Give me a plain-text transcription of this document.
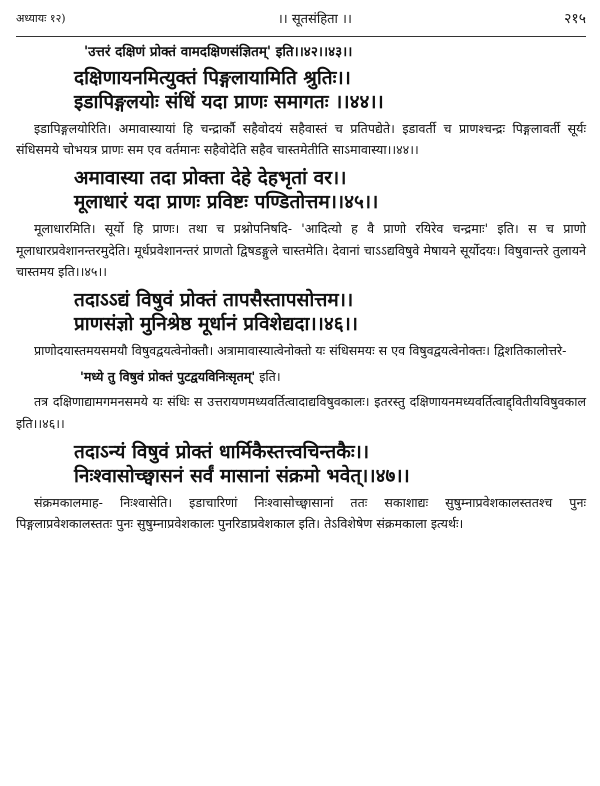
अध्यायः १२)	।। सूतसंहिता ।।	२१५

'उत्तरं दक्षिणं प्रोक्तं वामदक्षिणसंज्ञितम्' इति।।४२।।४३।।

दक्षिणायनमित्युक्तं पिङ्गलायामिति श्रुतिः।।

इडापिङ्गलयोः संधिं यदा प्राणः समागतः ।।४४।।

इडापिङ्गलयोरिति। अमावास्यायां हि चन्द्रार्कौ सहैवोदयं सहैवास्तं च प्रतिपद्येते। इडावर्ती च प्राणश्चन्द्रः पिङ्गलावर्ती सूर्यः संधिसमये चोभयत्र प्राणः सम एव वर्तमानः सहैवोदेति सहैव चास्तमेतीति साऽमावास्या।।४४।।

अमावास्या तदा प्रोक्ता देहे देहभृतां वर।।

मूलाधारं यदा प्राणः प्रविष्टः पण्डितोत्तम।।४५।।

मूलाधारमिति। सूर्यो हि प्राणः। तथा च प्रश्नोपनिषदि- 'आदित्यो ह वै प्राणो रयिरेव चन्द्रमाः' इति। स च प्राणो मूलाधारप्रवेशानन्तरमुदेति। मूर्धप्रवेशानन्तरं प्राणतो द्विषडङ्गुले चास्तमेति। देवानां चाऽऽद्यविषुवे मेषायने सूर्योदयः। विषुवान्तरे तुलायने चास्तमय इति।।४५।।

तदाऽऽद्यं विषुवं प्रोक्तं तापसैस्तापसोत्तम।।

प्राणसंज्ञो मुनिश्रेष्ठ मूर्धानं प्रविशेद्यदा।।४६।।

प्राणोदयास्तमयसमयौ विषुवद्वयत्वेनोक्तौ। अत्रामावास्यात्वेनोक्तो यः संधिसमयः स एव विषुवद्वयत्वेनोक्तः। द्विशतिकालोत्तरे-

'मध्ये तु विषुवं प्रोक्तं पुटद्वयविनिःसृतम्' इति।

तत्र दक्षिणाद्यामगमनसमये यः संधिः स उत्तरायणमध्यवर्तित्वादाद्यविषुवकालः। इतरस्तु दक्षिणायनमध्यवर्तित्वाद्द्वितीयविषुवकाल इति।।४६।।

तदाऽन्यं विषुवं प्रोक्तं धार्मिकैस्तत्त्वचिन्तकैः।।

निःश्वासोच्छ्वासनं सर्वं मासानां संक्रमो भवेत्।।४७।।

संक्रमकालमाह- निःश्वासेति। इडाचारिणां निःश्वासोच्छ्वासानां ततः सकाशाद्यः सुषुम्नाप्रवेशकालस्ततश्च पुनः पिङ्गलाप्रवेशकालस्ततः पुनः सुषुम्नाप्रवेशकालः पुनरिडाप्रवेशकाल इति। तेऽविशेषेण संक्रमकाला इत्यर्थः।
